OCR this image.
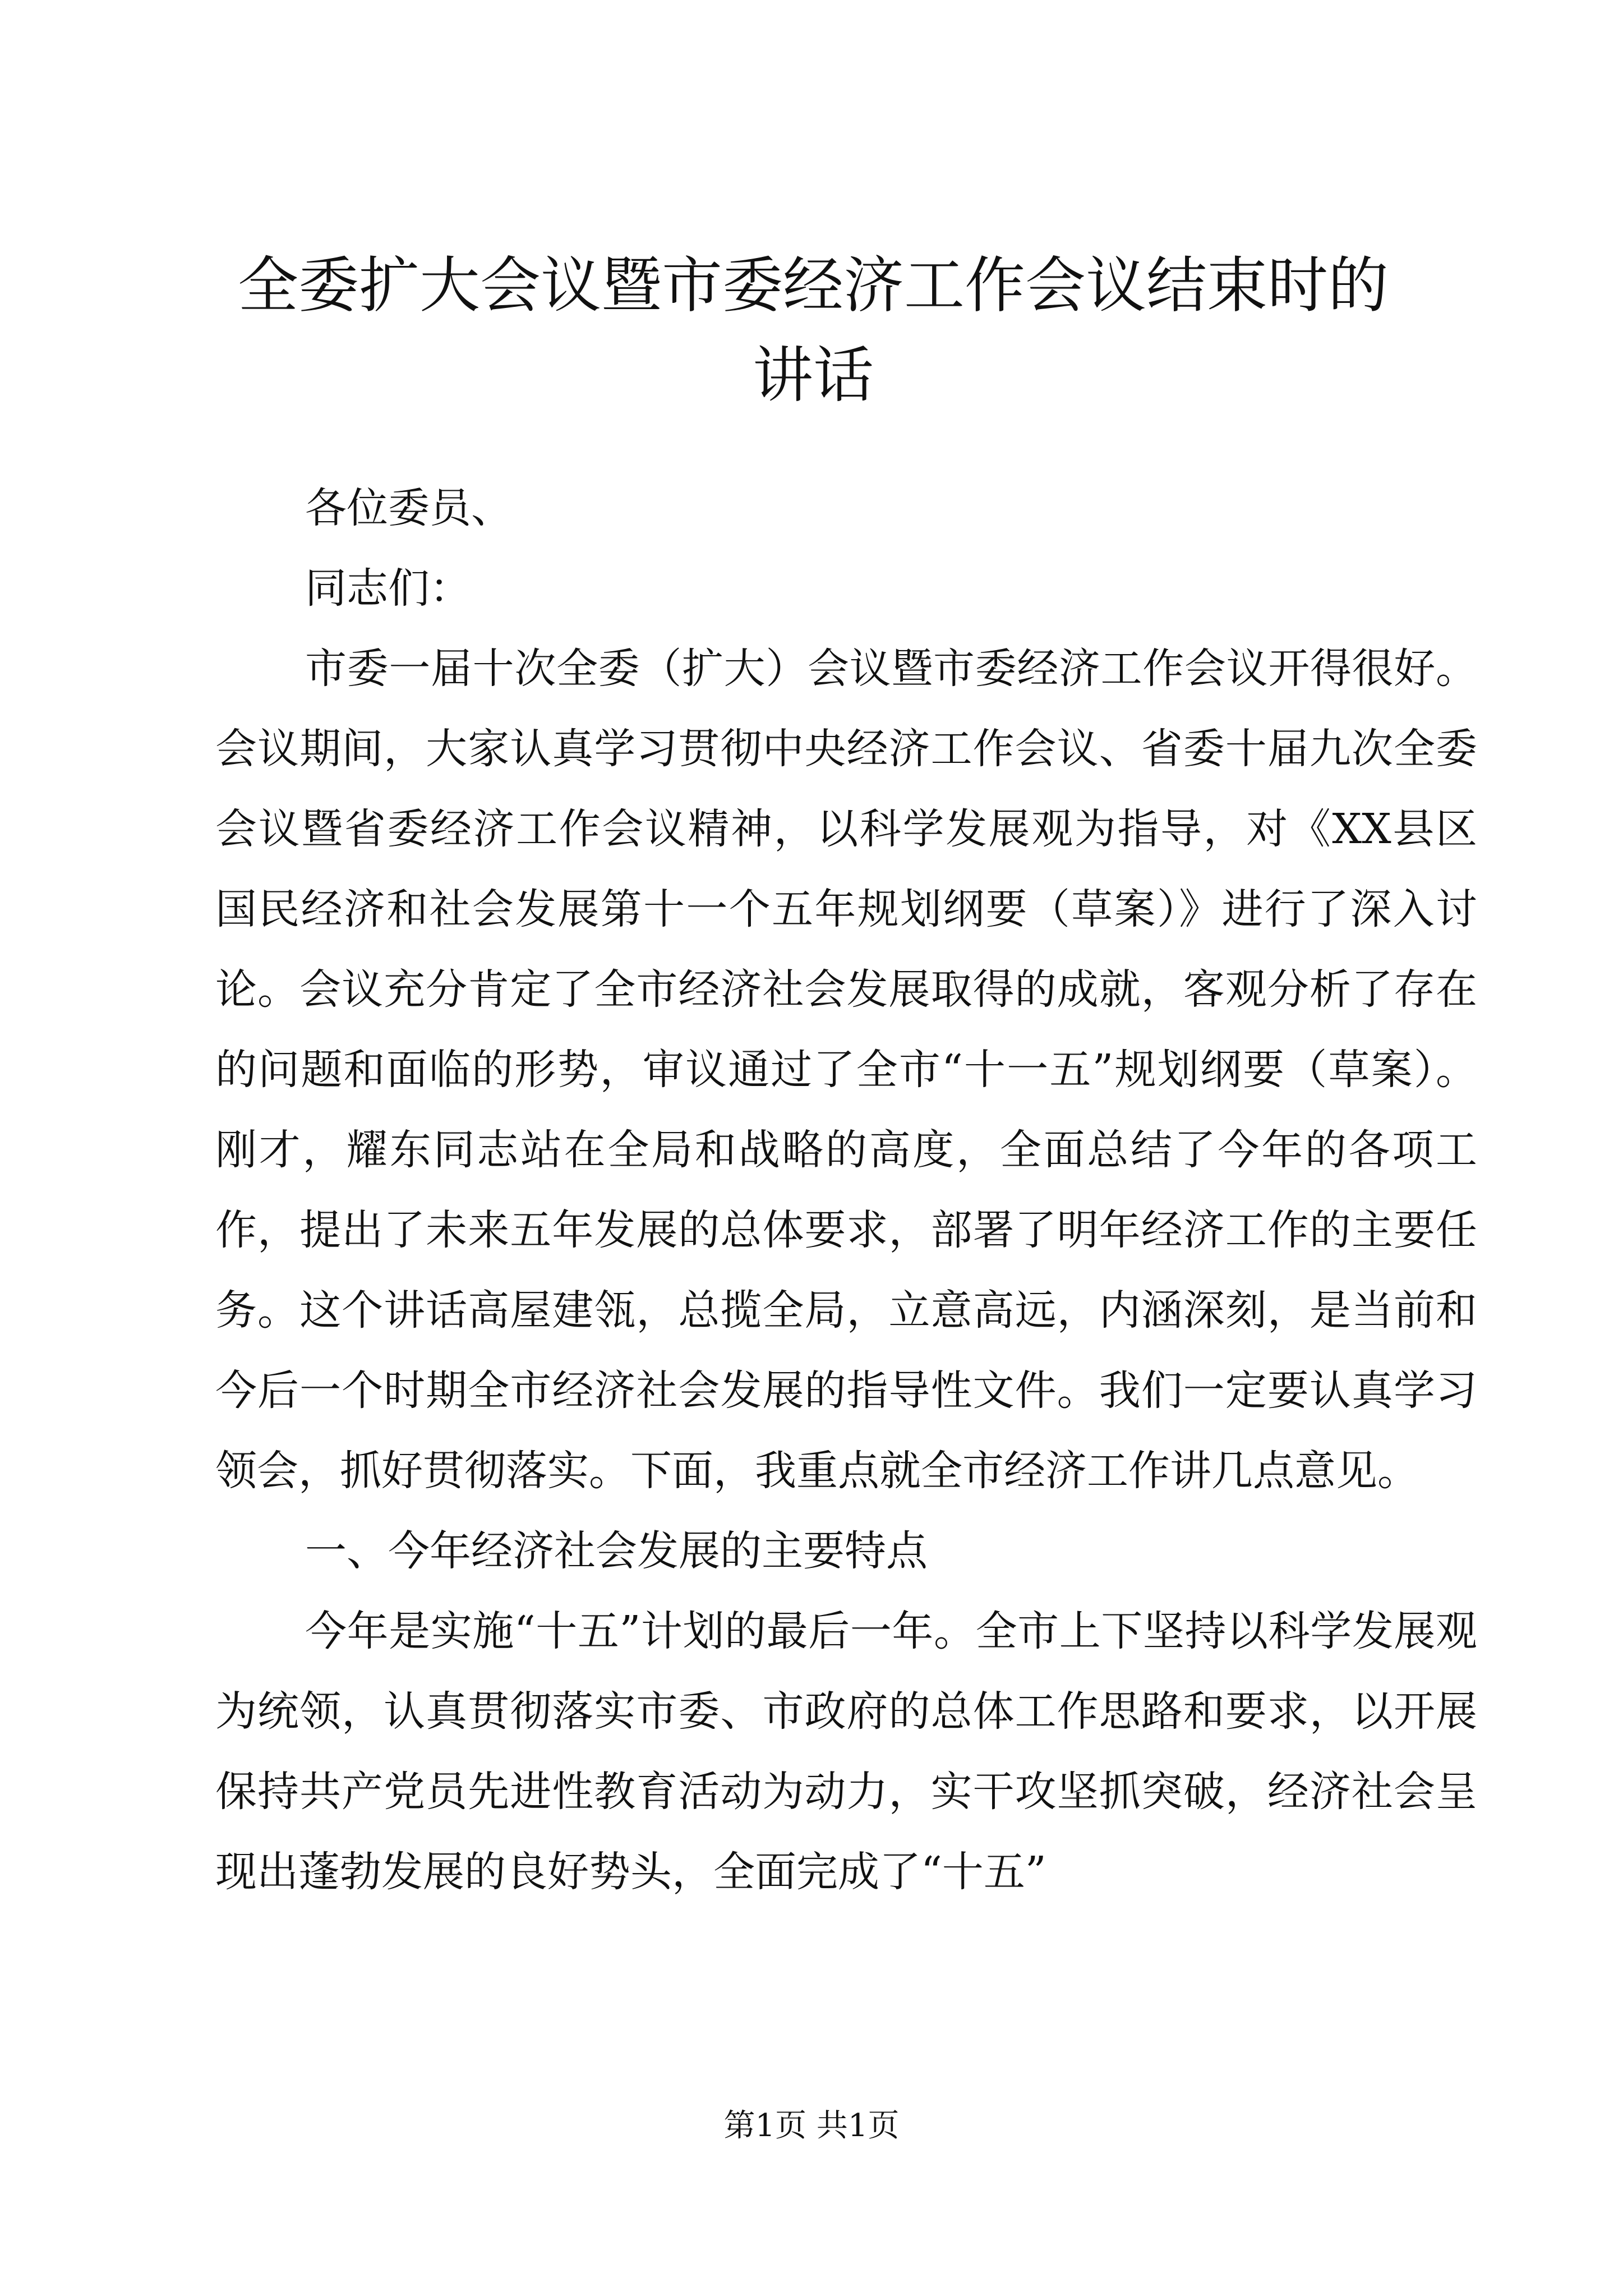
全委扩大会议暨市委经济工作会议结束时的讲话

各位委员、

同志们：

市委一届十次全委（扩大）会议暨市委经济工作会议开得很好。会议期间，大家认真学习贯彻中央经济工作会议、省委十届九次全委会议暨省委经济工作会议精神，以科学发展观为指导，对《XX县区国民经济和社会发展第十一个五年规划纲要（草案）》进行了深入讨论。会议充分肯定了全市经济社会发展取得的成就，客观分析了存在的问题和面临的形势，审议通过了全市“十一五”规划纲要（草案）。刚才，耀东同志站在全局和战略的高度，全面总结了今年的各项工作，提出了未来五年发展的总体要求，部署了明年经济工作的主要任务。这个讲话高屋建瓴，总揽全局，立意高远，内涵深刻，是当前和今后一个时期全市经济社会发展的指导性文件。我们一定要认真学习领会，抓好贯彻落实。下面，我重点就全市经济工作讲几点意见。

一、今年经济社会发展的主要特点

今年是实施“十五”计划的最后一年。全市上下坚持以科学发展观为统领，认真贯彻落实市委、市政府的总体工作思路和要求，以开展保持共产党员先进性教育活动为动力，实干攻坚抓突破，经济社会呈现出蓬勃发展的良好势头，全面完成了“十五”

第1页 共1页
